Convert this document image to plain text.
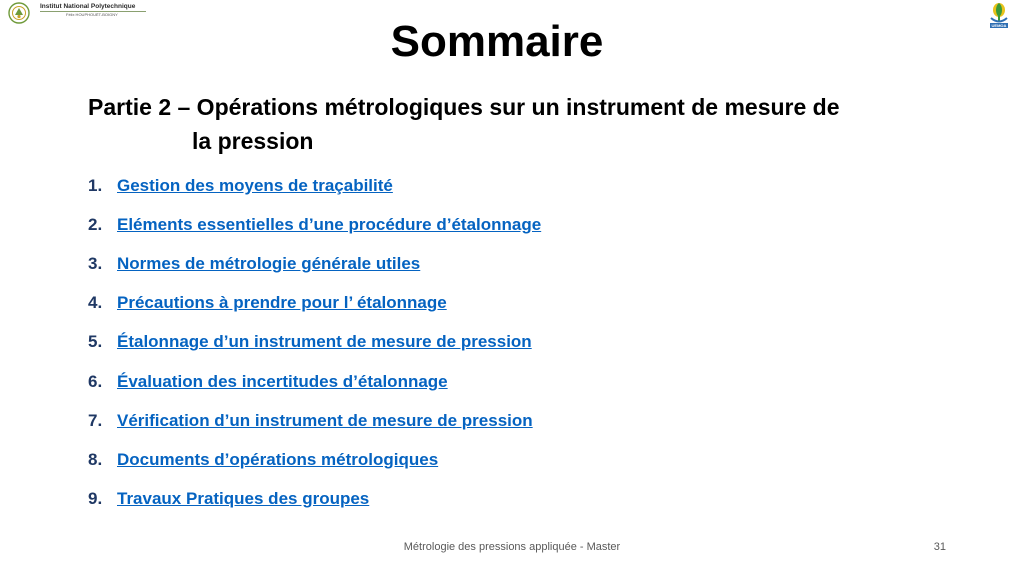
Institut National Polytechnique
Félix HOUPHOUËT-BOIGNY
UEMOA
Sommaire
Partie 2 – Opérations métrologiques sur un instrument de mesure de
la pression
1. Gestion des moyens de traçabilité
2. Eléments essentielles d’une procédure d’étalonnage
3. Normes de métrologie générale utiles
4. Précautions à prendre pour l’ étalonnage
5. Étalonnage d’un instrument de mesure de pression
6. Évaluation des incertitudes d’étalonnage
7. Vérification d’un instrument de mesure de pression
8. Documents d’opérations métrologiques
9. Travaux Pratiques des groupes
Métrologie des pressions appliquée - Master	31
